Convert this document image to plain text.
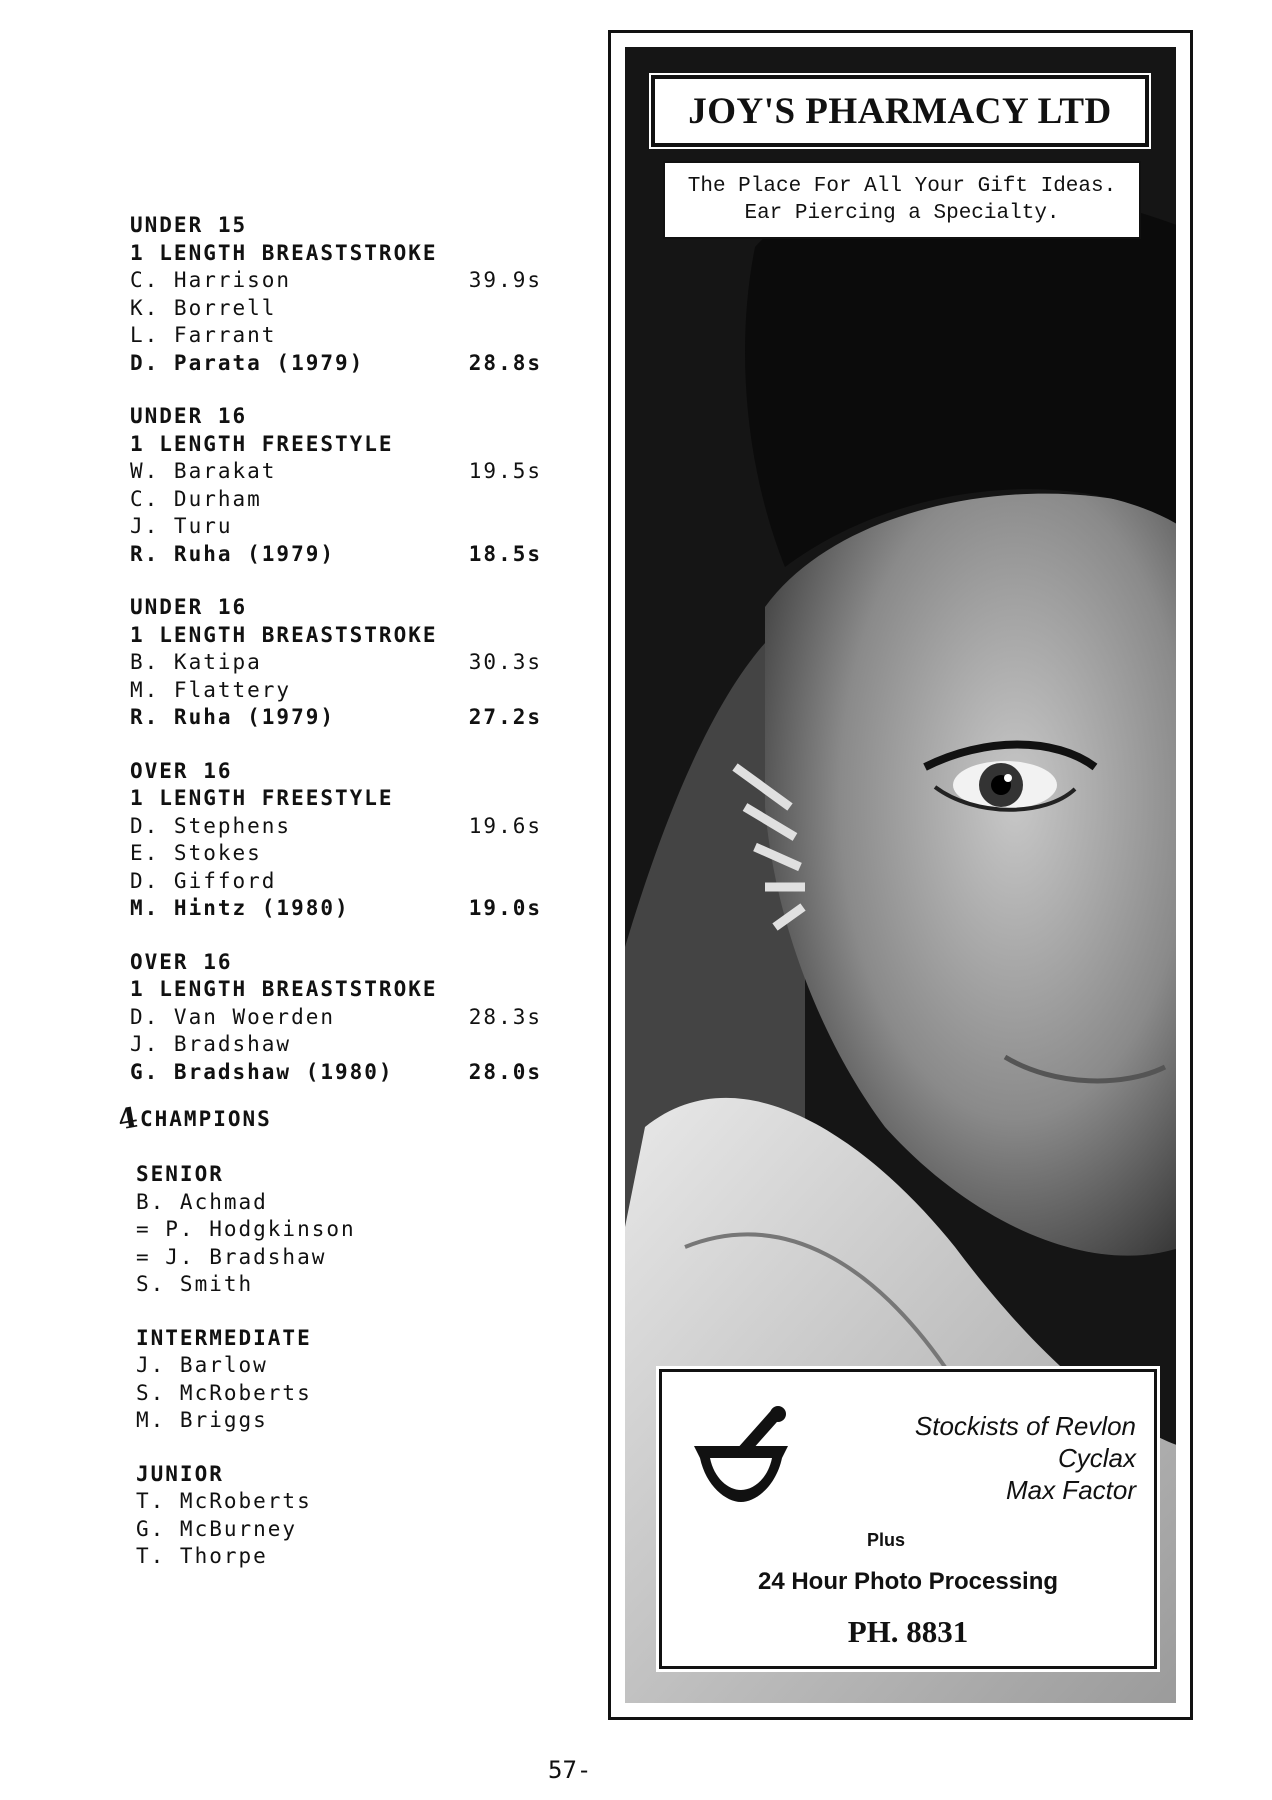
UNDER 15
1 LENGTH BREASTSTROKE
C. Harrison	39.9s
K. Borrell
L. Farrant
D. Parata (1979)	28.8s
UNDER 16
1 LENGTH FREESTYLE
W. Barakat	19.5s
C. Durham
J. Turu
R. Ruha (1979)	18.5s
UNDER 16
1 LENGTH BREASTSTROKE
B. Katipa	30.3s
M. Flattery
R. Ruha (1979)	27.2s
OVER 16
1 LENGTH FREESTYLE
D. Stephens	19.6s
E. Stokes
D. Gifford
M. Hintz (1980)	19.0s
OVER 16
1 LENGTH BREASTSTROKE
D. Van Woerden	28.3s
J. Bradshaw
G. Bradshaw (1980)	28.0s
4
CHAMPIONS
SENIOR
B. Achmad
= P. Hodgkinson
= J. Bradshaw
S. Smith
INTERMEDIATE
J. Barlow
S. McRoberts
M. Briggs
JUNIOR
T. McRoberts
G. McBurney
T. Thorpe
JOY'S PHARMACY LTD
The Place For All Your Gift Ideas.
Ear Piercing a Specialty.
Stockists of Revlon
Cyclax
Max Factor
Plus
24 Hour Photo Processing
PH. 8831
57-
